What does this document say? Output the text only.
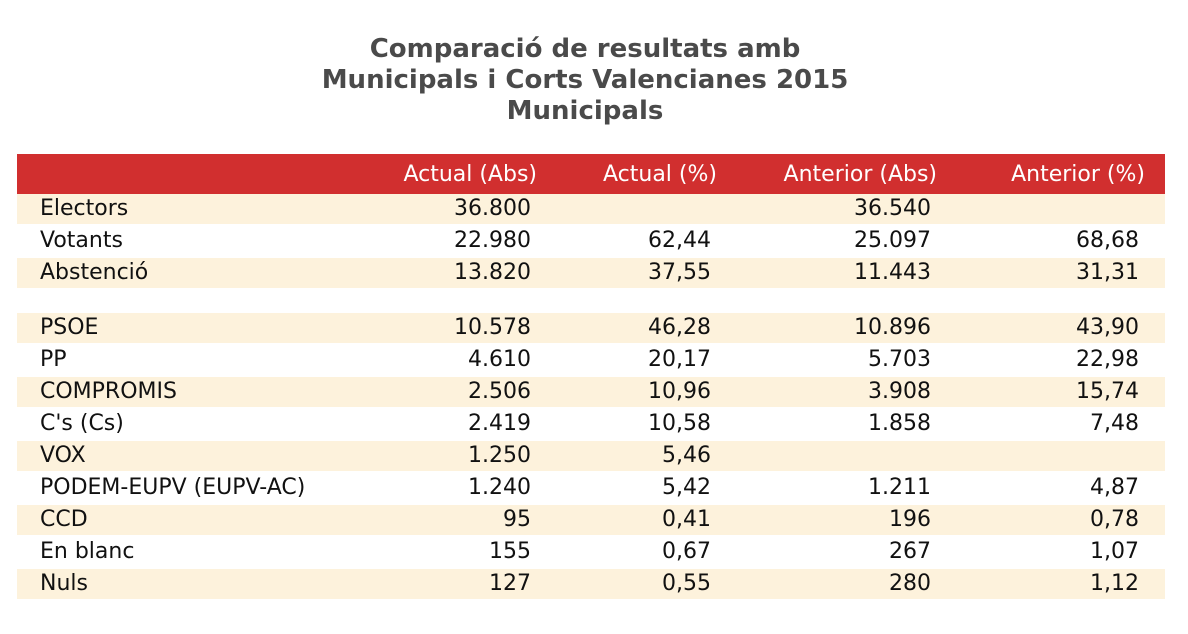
Comparació de resultats amb
Municipals i Corts Valencianes 2015
Municipals
	Actual (Abs)	Actual (%)	Anterior (Abs)	Anterior (%)
Electors	36.800		36.540	
Votants	22.980	62,44	25.097	68,68
Abstenció	13.820	37,55	11.443	31,31

PSOE	10.578	46,28	10.896	43,90
PP	4.610	20,17	5.703	22,98
COMPROMIS	2.506	10,96	3.908	15,74
C's (Cs)	2.419	10,58	1.858	7,48
VOX	1.250	5,46		
PODEM-EUPV (EUPV-AC)	1.240	5,42	1.211	4,87
CCD	95	0,41	196	0,78
En blanc	155	0,67	267	1,07
Nuls	127	0,55	280	1,12
